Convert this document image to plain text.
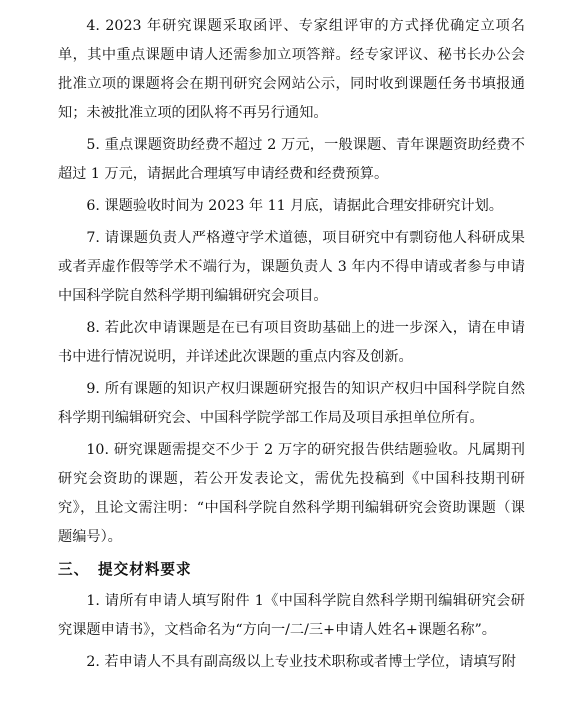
4. 2023 年研究课题采取函评、专家组评审的方式择优确定立项名单，其中重点课题申请人还需参加立项答辩。经专家评议、秘书长办公会批准立项的课题将会在期刊研究会网站公示，同时收到课题任务书填报通知；未被批准立项的团队将不再另行通知。

5. 重点课题资助经费不超过 2 万元，一般课题、青年课题资助经费不超过 1 万元，请据此合理填写申请经费和经费预算。

6. 课题验收时间为 2023 年 11 月底，请据此合理安排研究计划。

7. 请课题负责人严格遵守学术道德，项目研究中有剽窃他人科研成果或者弄虚作假等学术不端行为，课题负责人 3 年内不得申请或者参与申请中国科学院自然科学期刊编辑研究会项目。

8. 若此次申请课题是在已有项目资助基础上的进一步深入，请在申请书中进行情况说明，并详述此次课题的重点内容及创新。

9. 所有课题的知识产权归课题研究报告的知识产权归中国科学院自然科学期刊编辑研究会、中国科学院学部工作局及项目承担单位所有。

10. 研究课题需提交不少于 2 万字的研究报告供结题验收。凡属期刊研究会资助的课题，若公开发表论文，需优先投稿到《中国科技期刊研究》，且论文需注明：“中国科学院自然科学期刊编辑研究会资助课题（课题编号）。

三、 提交材料要求

1. 请所有申请人填写附件 1《中国科学院自然科学期刊编辑研究会研究课题申请书》，文档命名为“方向一/二/三+申请人姓名+课题名称”。

2. 若申请人不具有副高级以上专业技术职称或者博士学位，请填写附
